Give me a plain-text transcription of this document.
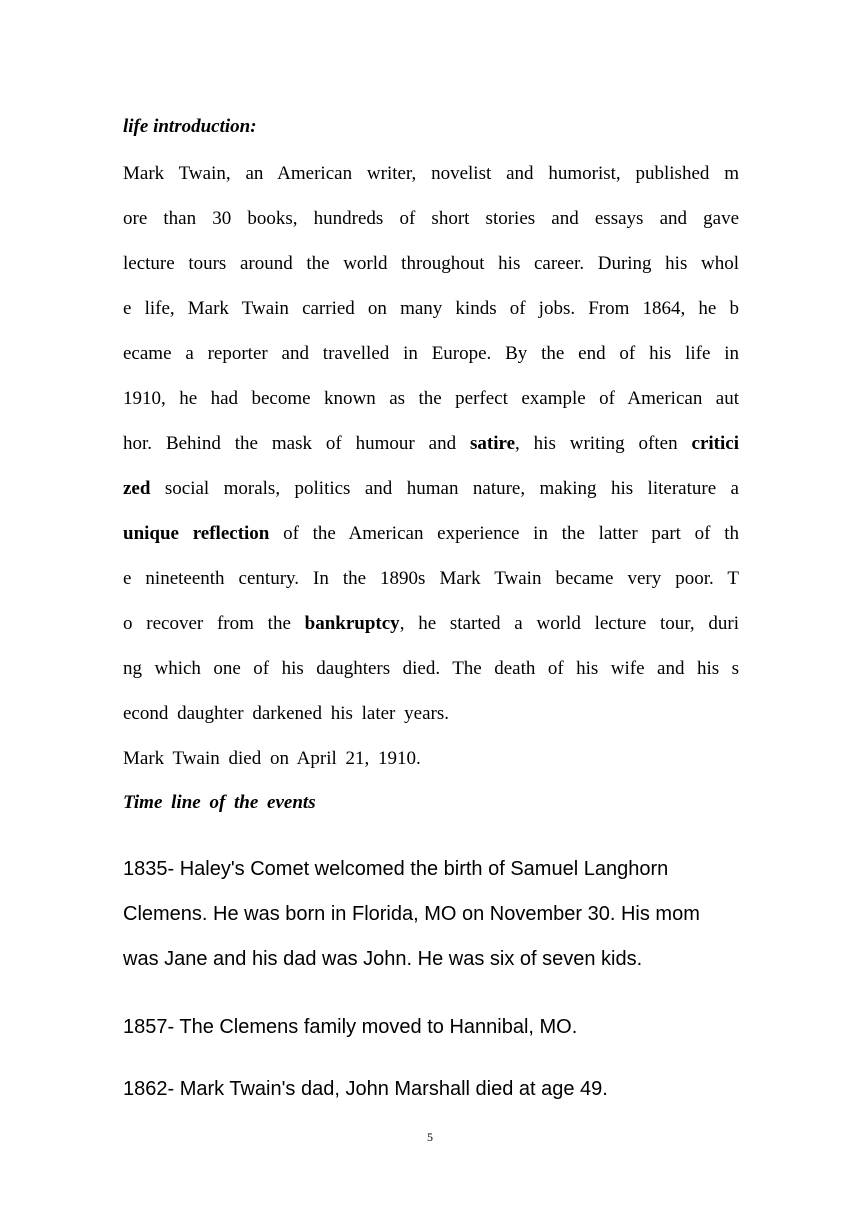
life introduction:
Mark Twain, an American writer, novelist and humorist, published m
ore than 30 books, hundreds of short stories and essays and gave
lecture tours around the world throughout his career. During his whol
e life, Mark Twain carried on many kinds of jobs. From 1864, he b
ecame a reporter and travelled in Europe. By the end of his life in
1910, he had become known as the perfect example of American aut
hor. Behind the mask of humour and satire, his writing often critici
zed social morals, politics and human nature, making his literature a
unique reflection of the American experience in the latter part of th
e nineteenth century. In the 1890s Mark Twain became very poor. T
o recover from the bankruptcy, he started a world lecture tour, duri
ng which one of his daughters died. The death of his wife and his s
econd daughter darkened his later years.
Mark Twain died on April 21, 1910.
Time line of the events
1835- Haley's Comet welcomed the birth of Samuel Langhorn
Clemens. He was born in Florida, MO on November 30. His mom
was Jane and his dad was John. He was six of seven kids.
1857- The Clemens family moved to Hannibal, MO.
1862- Mark Twain's dad, John Marshall died at age 49.
5
